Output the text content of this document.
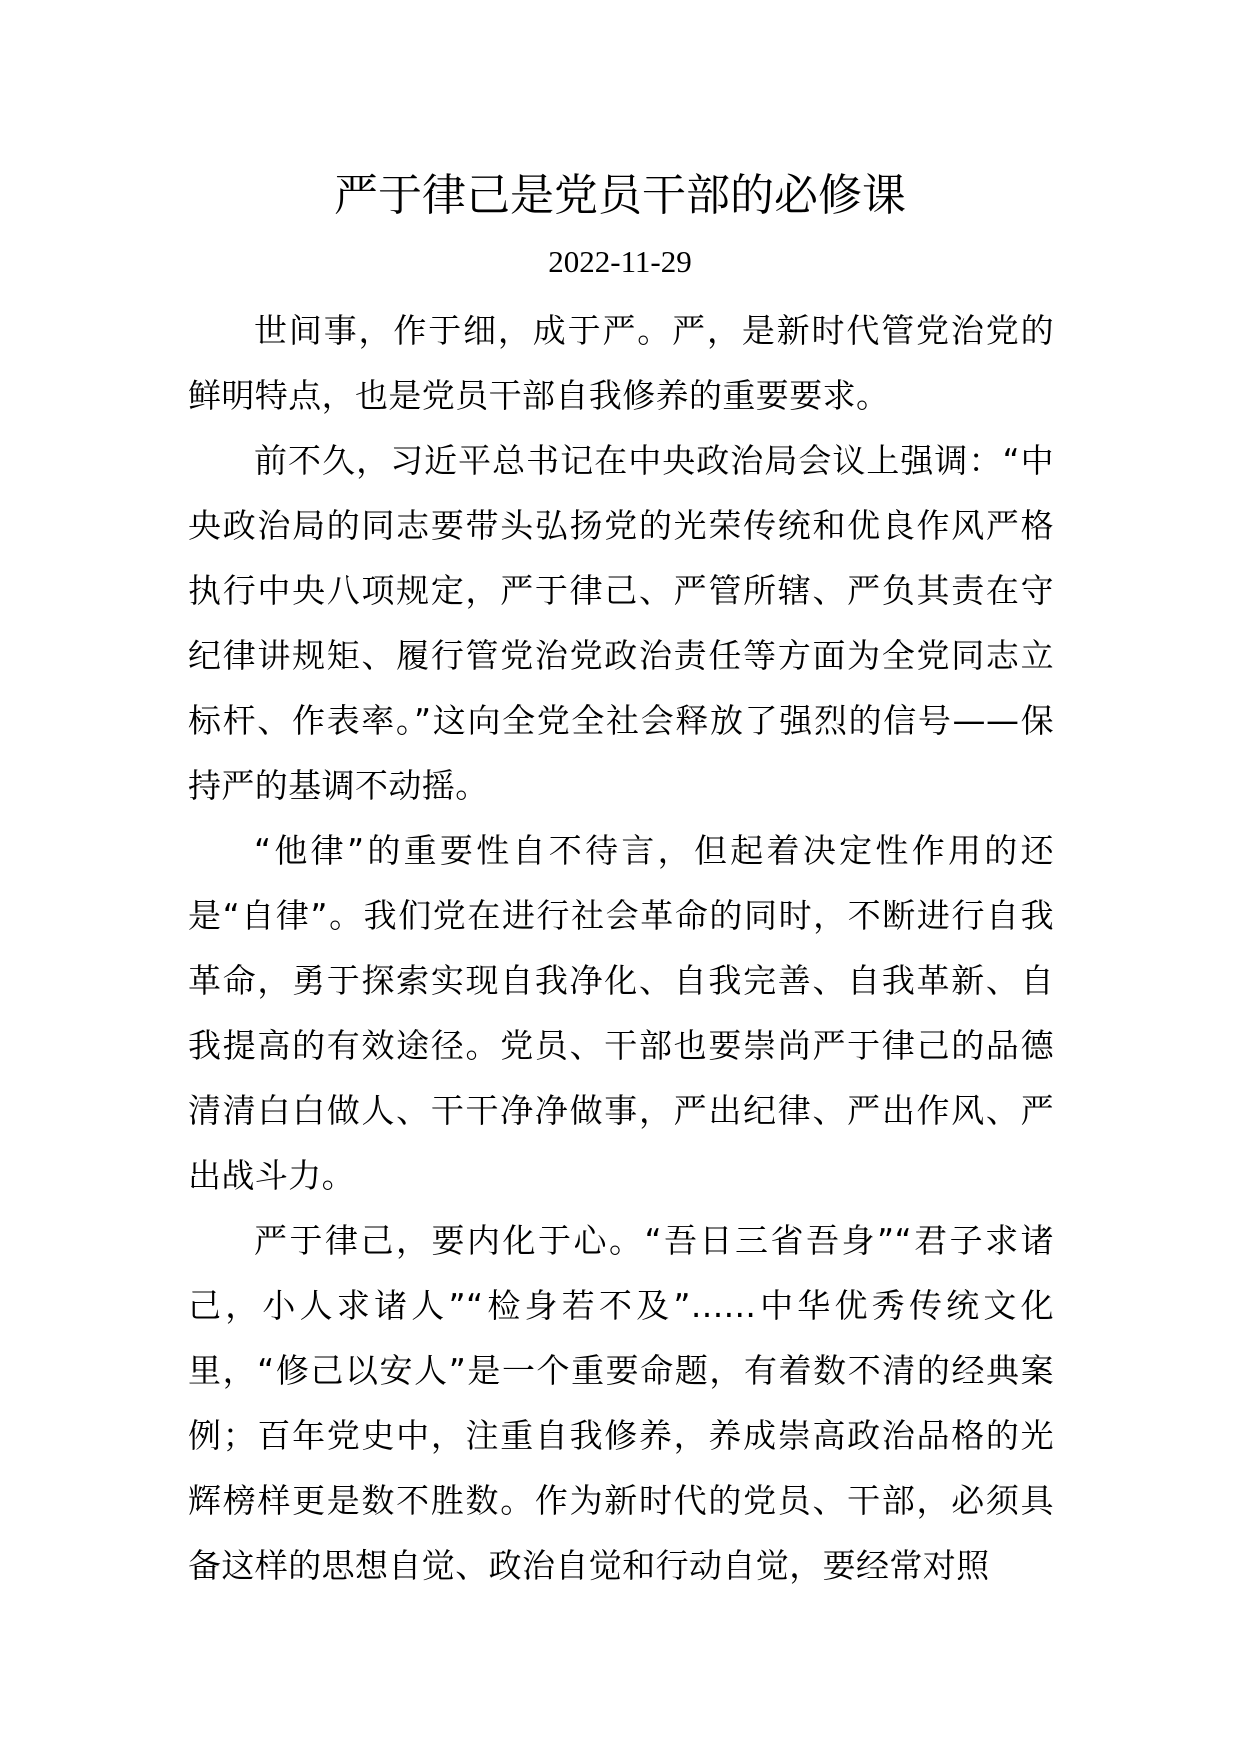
严于律己是党员干部的必修课
2022-11-29

世间事，作于细，成于严。严，是新时代管党治党的鲜明特点，也是党员干部自我修养的重要要求。

前不久，习近平总书记在中央政治局会议上强调：“中央政治局的同志要带头弘扬党的光荣传统和优良作风严格执行中央八项规定，严于律己、严管所辖、严负其责在守纪律讲规矩、履行管党治党政治责任等方面为全党同志立标杆、作表率。”这向全党全社会释放了强烈的信号——保持严的基调不动摇。

“他律”的重要性自不待言，但起着决定性作用的还是“自律”。我们党在进行社会革命的同时，不断进行自我革命，勇于探索实现自我净化、自我完善、自我革新、自我提高的有效途径。党员、干部也要崇尚严于律己的品德清清白白做人、干干净净做事，严出纪律、严出作风、严出战斗力。

严于律己，要内化于心。“吾日三省吾身”“君子求诸己，小人求诸人”“检身若不及”......中华优秀传统文化里，“修己以安人”是一个重要命题，有着数不清的经典案例；百年党史中，注重自我修养，养成崇高政治品格的光辉榜样更是数不胜数。作为新时代的党员、干部，必须具备这样的思想自觉、政治自觉和行动自觉，要经常对照
